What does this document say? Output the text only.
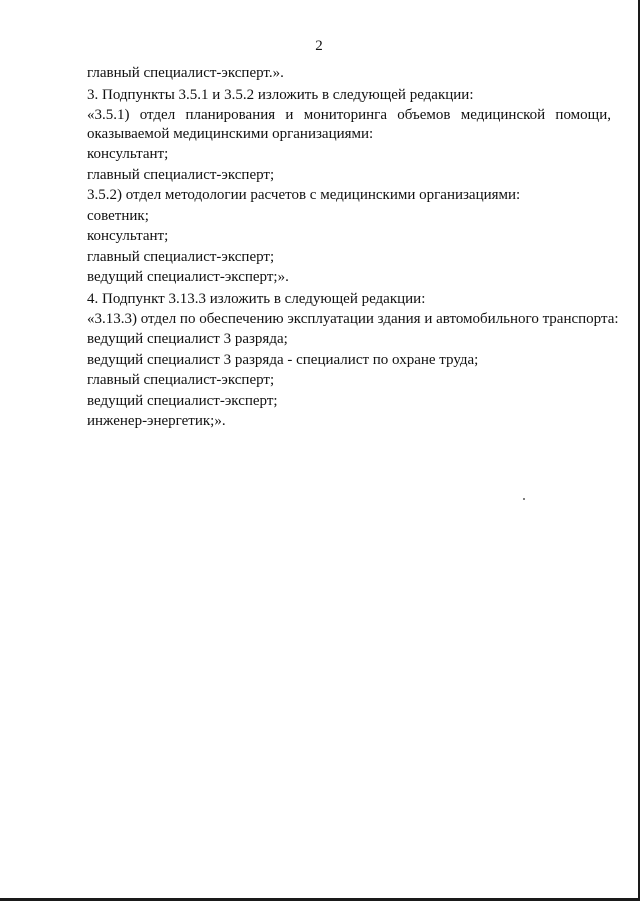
2
главный специалист-эксперт.».
3. Подпункты 3.5.1 и 3.5.2 изложить в следующей редакции:
«3.5.1) отдел планирования и мониторинга объемов медицинской помощи,
оказываемой медицинскими организациями:
консультант;
главный специалист-эксперт;
3.5.2) отдел методологии расчетов с медицинскими организациями:
советник;
консультант;
главный специалист-эксперт;
ведущий специалист-эксперт;».
4. Подпункт 3.13.3 изложить в следующей редакции:
«3.13.3) отдел по обеспечению эксплуатации здания и автомобильного транспорта:
ведущий специалист 3 разряда;
ведущий специалист 3 разряда - специалист по охране труда;
главный специалист-эксперт;
ведущий специалист-эксперт;
инженер-энергетик;».
